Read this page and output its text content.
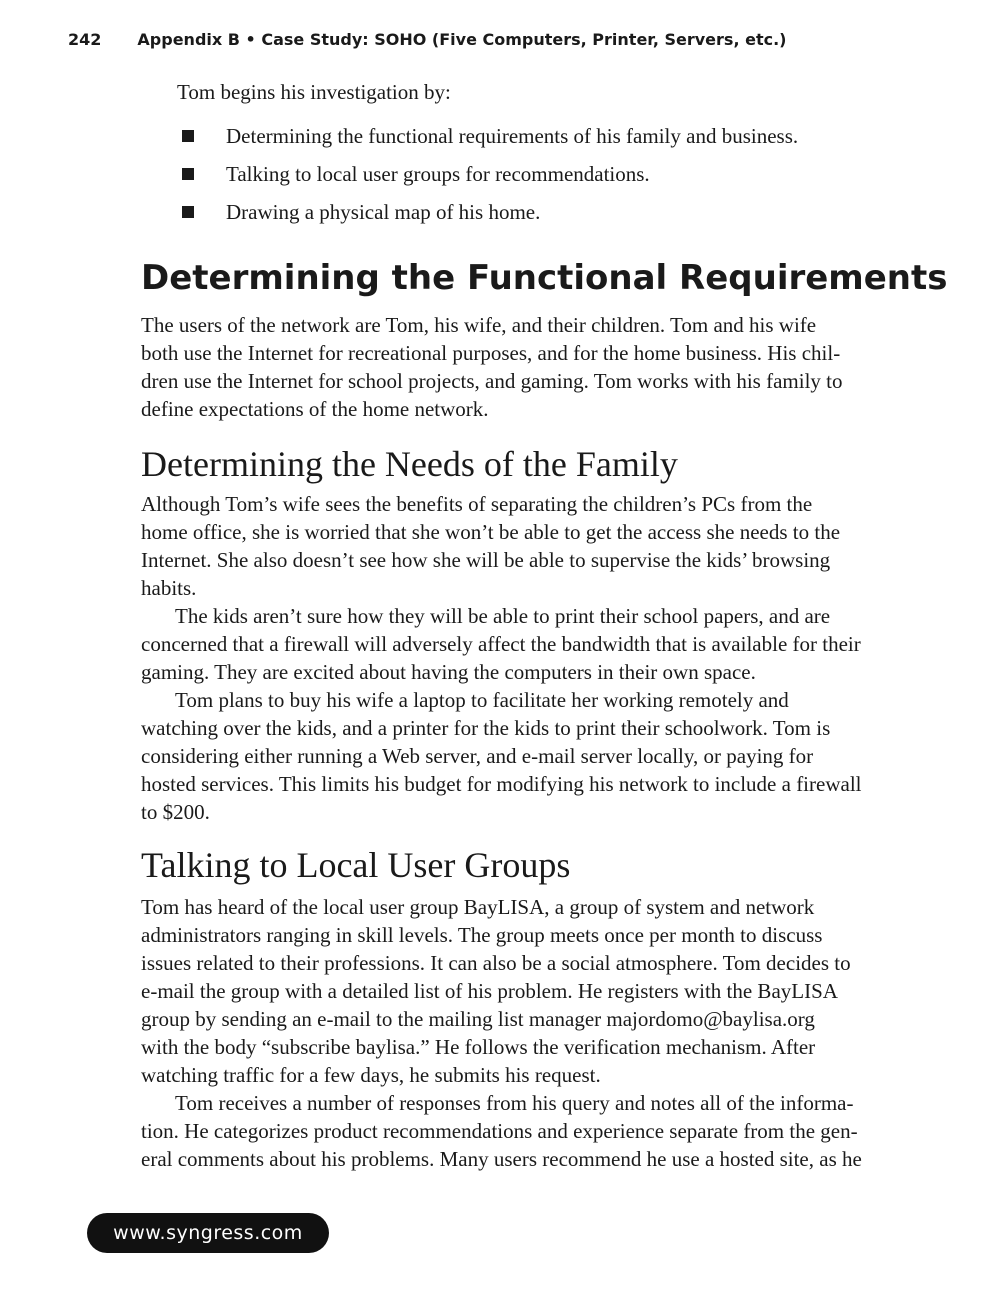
242 Appendix B • Case Study: SOHO (Five Computers, Printer, Servers, etc.)

Tom begins his investigation by:

Determining the functional requirements of his family and business.
Talking to local user groups for recommendations.
Drawing a physical map of his home.
Determining the Functional Requirements

The users of the network are Tom, his wife, and their children. Tom and his wife
both use the Internet for recreational purposes, and for the home business. His chil-
dren use the Internet for school projects, and gaming. Tom works with his family to
define expectations of the home network.

Determining the Needs of the Family

Although Tom’s wife sees the benefits of separating the children’s PCs from the
home office, she is worried that she won’t be able to get the access she needs to the
Internet. She also doesn’t see how she will be able to supervise the kids’ browsing
habits.

The kids aren’t sure how they will be able to print their school papers, and are
concerned that a firewall will adversely affect the bandwidth that is available for their
gaming. They are excited about having the computers in their own space.

Tom plans to buy his wife a laptop to facilitate her working remotely and
watching over the kids, and a printer for the kids to print their schoolwork. Tom is
considering either running a Web server, and e-mail server locally, or paying for
hosted services. This limits his budget for modifying his network to include a firewall
to $200.

Talking to Local User Groups

Tom has heard of the local user group BayLISA, a group of system and network
administrators ranging in skill levels. The group meets once per month to discuss
issues related to their professions. It can also be a social atmosphere. Tom decides to
e-mail the group with a detailed list of his problem. He registers with the BayLISA
group by sending an e-mail to the mailing list manager majordomo@baylisa.org
with the body “subscribe baylisa.” He follows the verification mechanism. After
watching traffic for a few days, he submits his request.

Tom receives a number of responses from his query and notes all of the informa-
tion. He categorizes product recommendations and experience separate from the gen-
eral comments about his problems. Many users recommend he use a hosted site, as he

www.syngress.com
